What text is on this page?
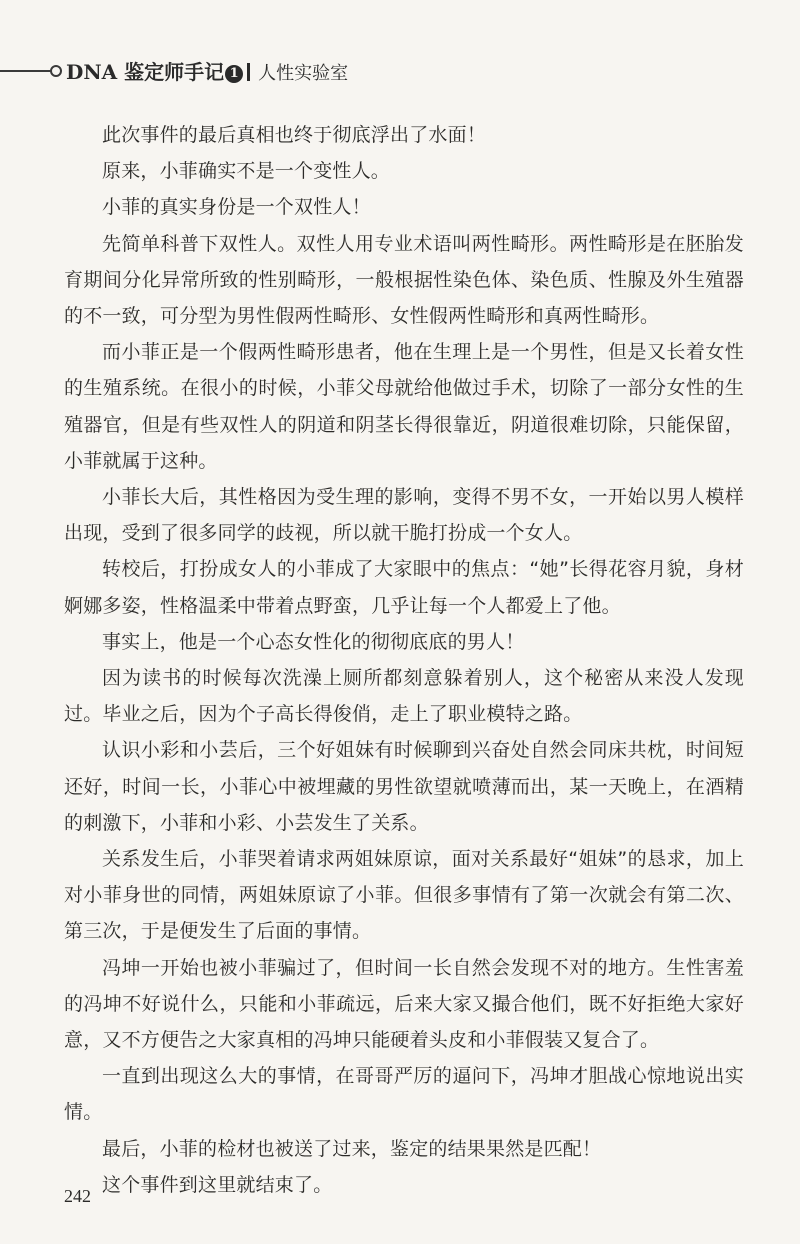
DNA 鉴定师手记 1 人性实验室

此次事件的最后真相也终于彻底浮出了水面！

原来，小菲确实不是一个变性人。

小菲的真实身份是一个双性人！

先简单科普下双性人。双性人用专业术语叫两性畸形。两性畸形是在胚胎发育期间分化异常所致的性别畸形，一般根据性染色体、染色质、性腺及外生殖器的不一致，可分型为男性假两性畸形、女性假两性畸形和真两性畸形。

而小菲正是一个假两性畸形患者，他在生理上是一个男性，但是又长着女性的生殖系统。在很小的时候，小菲父母就给他做过手术，切除了一部分女性的生殖器官，但是有些双性人的阴道和阴茎长得很靠近，阴道很难切除，只能保留，小菲就属于这种。

小菲长大后，其性格因为受生理的影响，变得不男不女，一开始以男人模样出现，受到了很多同学的歧视，所以就干脆打扮成一个女人。

转校后，打扮成女人的小菲成了大家眼中的焦点：“她”长得花容月貌，身材婀娜多姿，性格温柔中带着点野蛮，几乎让每一个人都爱上了他。

事实上，他是一个心态女性化的彻彻底底的男人！

因为读书的时候每次洗澡上厕所都刻意躲着别人，这个秘密从来没人发现过。毕业之后，因为个子高长得俊俏，走上了职业模特之路。

认识小彩和小芸后，三个好姐妹有时候聊到兴奋处自然会同床共枕，时间短还好，时间一长，小菲心中被埋藏的男性欲望就喷薄而出，某一天晚上，在酒精的刺激下，小菲和小彩、小芸发生了关系。

关系发生后，小菲哭着请求两姐妹原谅，面对关系最好“姐妹”的恳求，加上对小菲身世的同情，两姐妹原谅了小菲。但很多事情有了第一次就会有第二次、第三次，于是便发生了后面的事情。

冯坤一开始也被小菲骗过了，但时间一长自然会发现不对的地方。生性害羞的冯坤不好说什么，只能和小菲疏远，后来大家又撮合他们，既不好拒绝大家好意，又不方便告之大家真相的冯坤只能硬着头皮和小菲假装又复合了。

一直到出现这么大的事情，在哥哥严厉的逼问下，冯坤才胆战心惊地说出实情。

最后，小菲的检材也被送了过来，鉴定的结果果然是匹配！

这个事件到这里就结束了。

242
